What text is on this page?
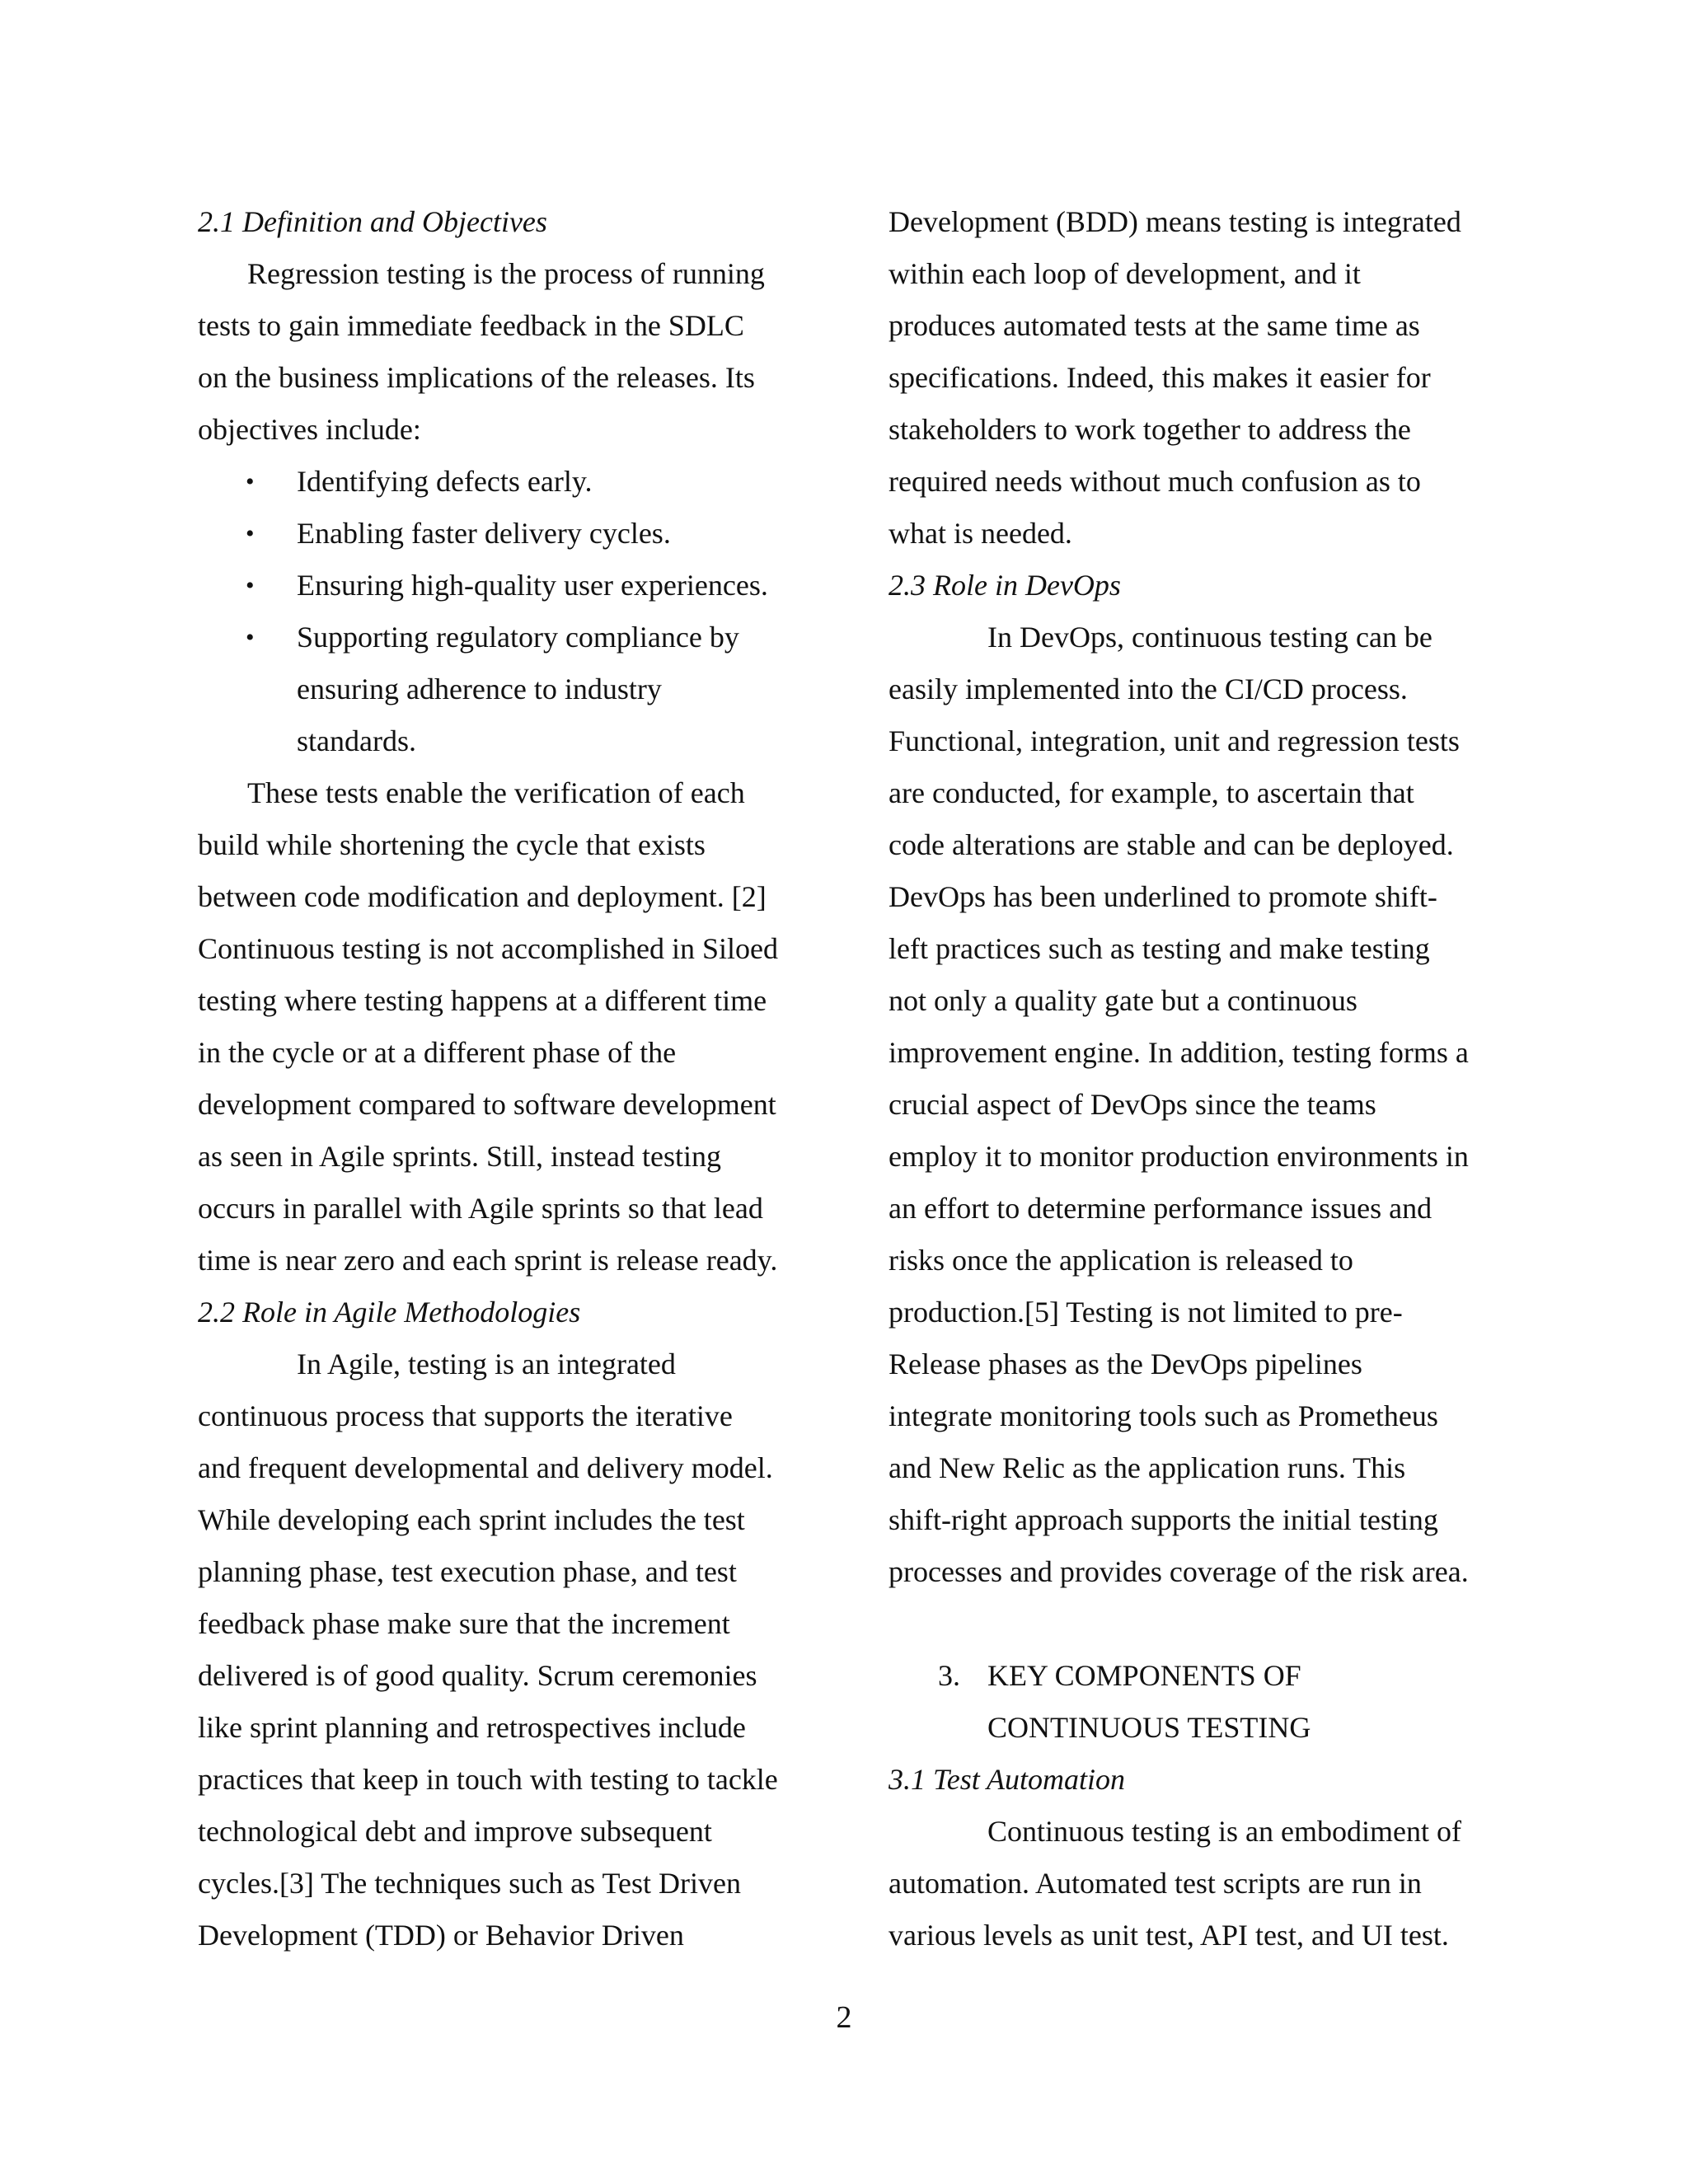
2.1 Definition and Objectives
Regression testing is the process of running
tests to gain immediate feedback in the SDLC
on the business implications of the releases. Its
objectives include:
• Identifying defects early.
• Enabling faster delivery cycles.
• Ensuring high-quality user experiences.
• Supporting regulatory compliance by
ensuring adherence to industry
standards.
These tests enable the verification of each
build while shortening the cycle that exists
between code modification and deployment. [2]
Continuous testing is not accomplished in Siloed
testing where testing happens at a different time
in the cycle or at a different phase of the
development compared to software development
as seen in Agile sprints. Still, instead testing
occurs in parallel with Agile sprints so that lead
time is near zero and each sprint is release ready.
2.2 Role in Agile Methodologies
In Agile, testing is an integrated
continuous process that supports the iterative
and frequent developmental and delivery model.
While developing each sprint includes the test
planning phase, test execution phase, and test
feedback phase make sure that the increment
delivered is of good quality. Scrum ceremonies
like sprint planning and retrospectives include
practices that keep in touch with testing to tackle
technological debt and improve subsequent
cycles.[3] The techniques such as Test Driven
Development (TDD) or Behavior Driven
Development (BDD) means testing is integrated
within each loop of development, and it
produces automated tests at the same time as
specifications. Indeed, this makes it easier for
stakeholders to work together to address the
required needs without much confusion as to
what is needed.
2.3 Role in DevOps
In DevOps, continuous testing can be
easily implemented into the CI/CD process.
Functional, integration, unit and regression tests
are conducted, for example, to ascertain that
code alterations are stable and can be deployed.
DevOps has been underlined to promote shift-
left practices such as testing and make testing
not only a quality gate but a continuous
improvement engine. In addition, testing forms a
crucial aspect of DevOps since the teams
employ it to monitor production environments in
an effort to determine performance issues and
risks once the application is released to
production.[5] Testing is not limited to pre-
Release phases as the DevOps pipelines
integrate monitoring tools such as Prometheus
and New Relic as the application runs. This
shift-right approach supports the initial testing
processes and provides coverage of the risk area.
3. KEY COMPONENTS OF
CONTINUOUS TESTING
3.1 Test Automation
Continuous testing is an embodiment of
automation. Automated test scripts are run in
various levels as unit test, API test, and UI test.
2
